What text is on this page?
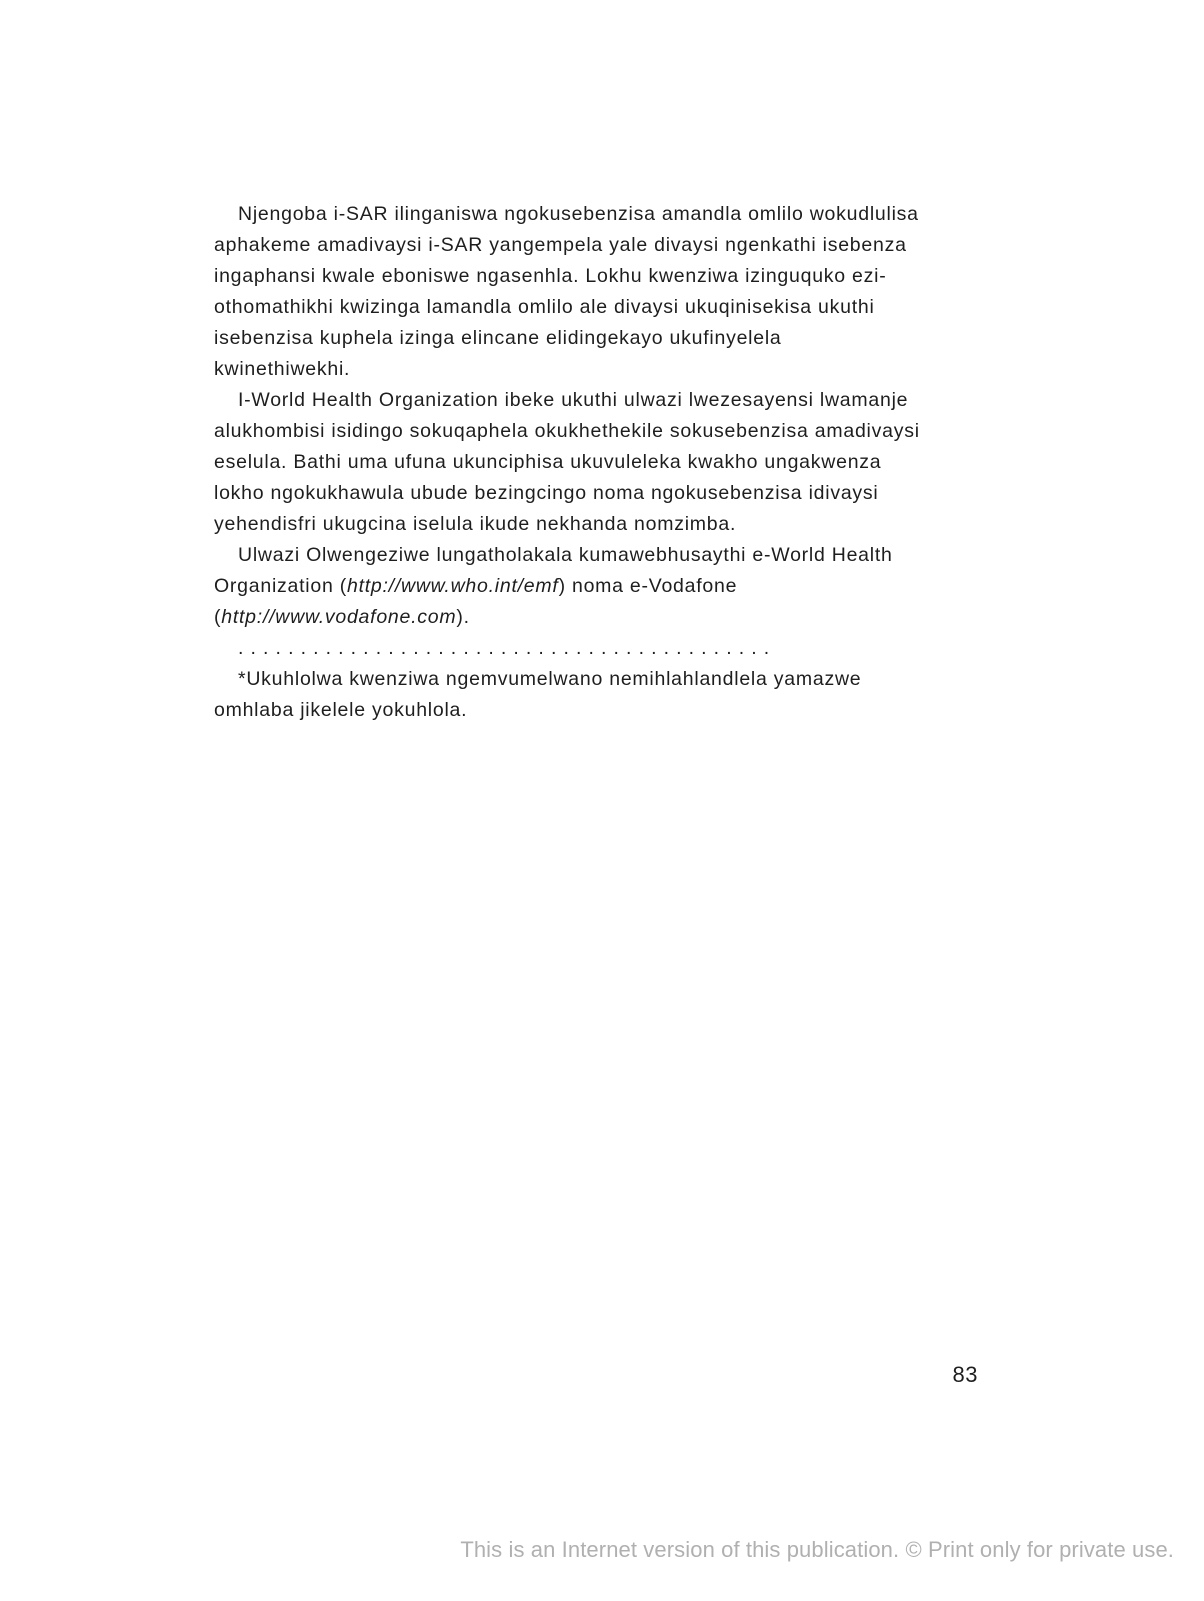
Njengoba i-SAR ilinganiswa ngokusebenzisa amandla omlilo wokudlulisa
aphakeme amadivaysi i-SAR yangempela yale divaysi ngenkathi isebenza
ingaphansi kwale eboniswe ngasenhla. Lokhu kwenziwa izinguquko ezi-
othomathikhi kwizinga lamandla omlilo ale divaysi ukuqinisekisa ukuthi
isebenzisa kuphela izinga elincane elidingekayo ukufinyelela
kwinethiwekhi.

I-World Health Organization ibeke ukuthi ulwazi lwezesayensi lwamanje
alukhombisi isidingo sokuqaphela okukhethekile sokusebenzisa amadivaysi
eselula. Bathi uma ufuna ukunciphisa ukuvuleleka kwakho ungakwenza
lokho ngokukhawula ubude bezingcingo noma ngokusebenzisa idivaysi
yehendisfri ukugcina iselula ikude nekhanda nomzimba.

Ulwazi Olwengeziwe lungatholakala kumawebhusaythi e-World Health
Organization (http://www.who.int/emf) noma e-Vodafone
(http://www.vodafone.com).

...........................................

*Ukuhlolwa kwenziwa ngemvumelwano nemihlahlandlela yamazwe
omhlaba jikelele yokuhlola.

83
This is an Internet version of this publication. © Print only for private use.
